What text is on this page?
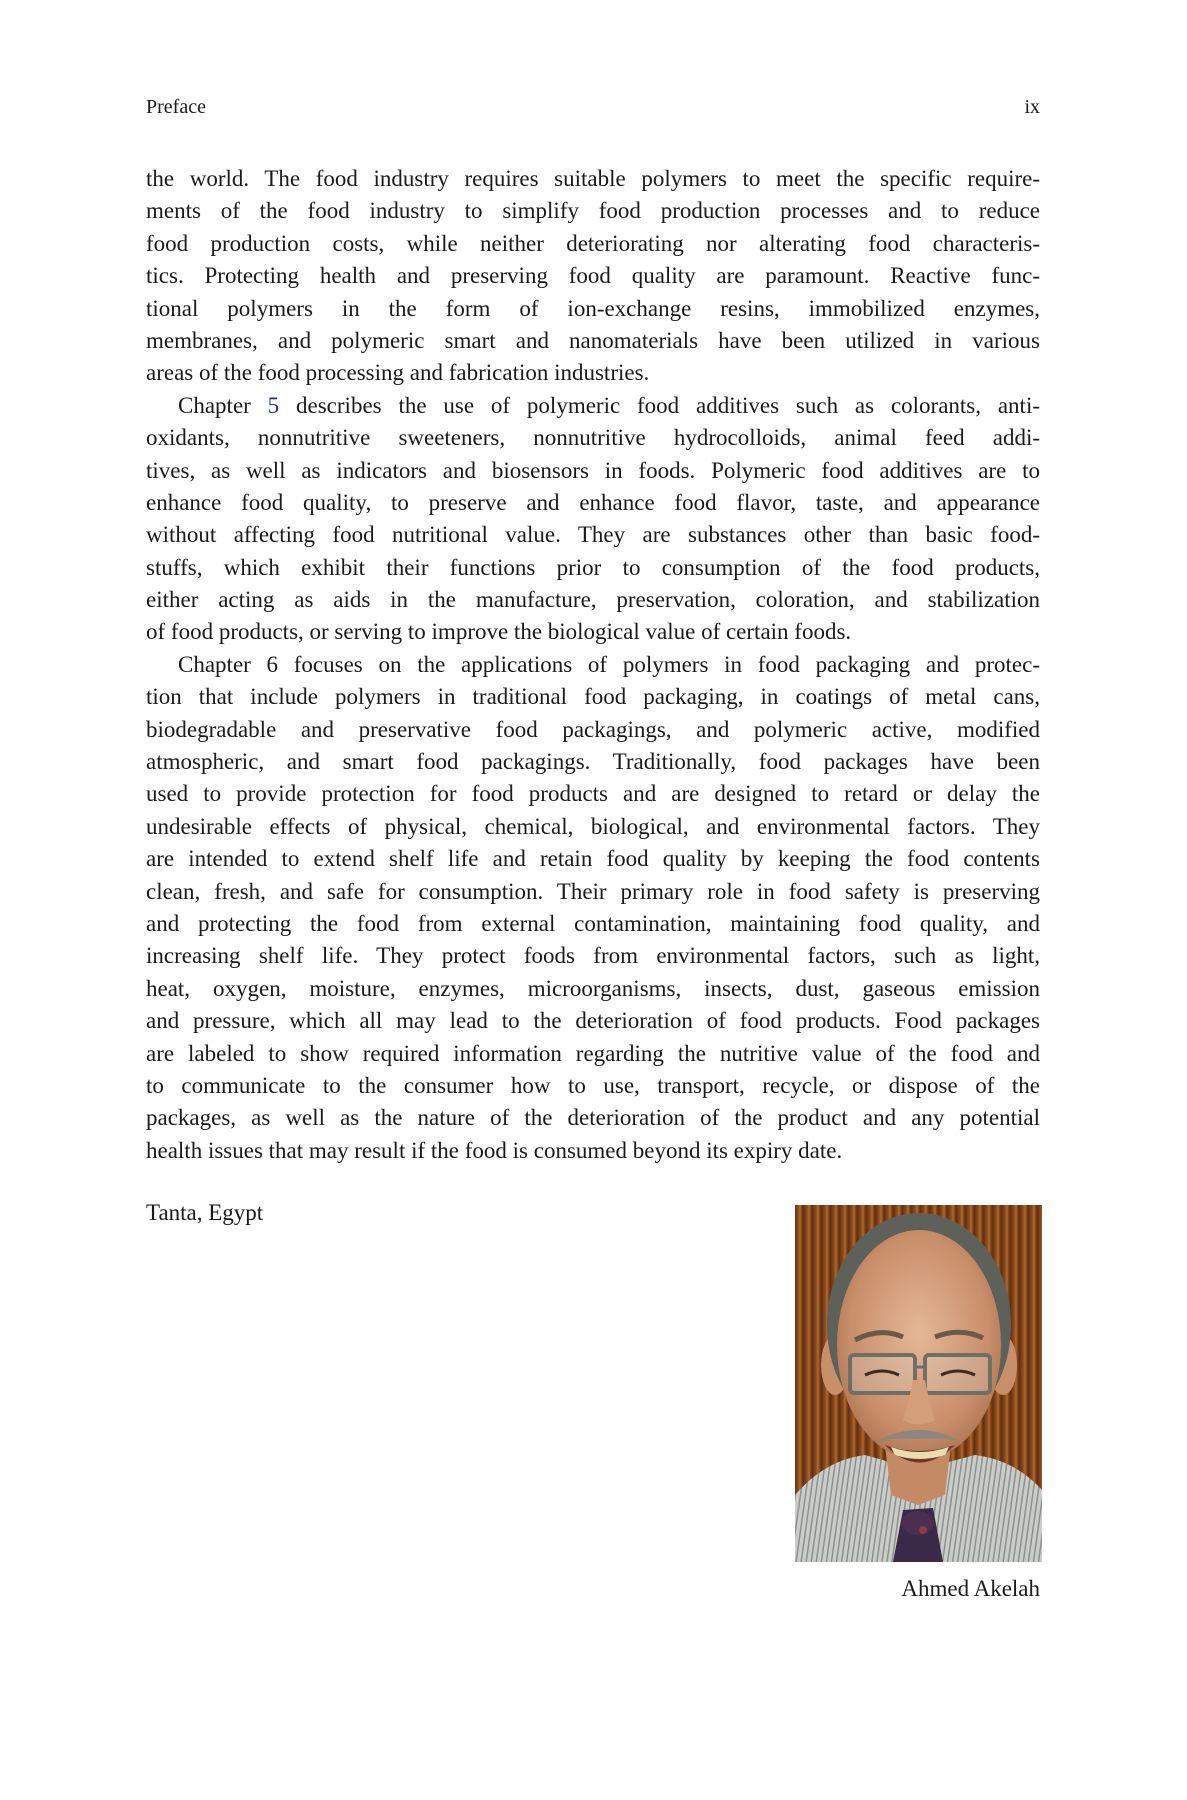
Preface	ix

the world. The food industry requires suitable polymers to meet the specific require-
ments of the food industry to simplify food production processes and to reduce
food production costs, while neither deteriorating nor alterating food characteris-
tics. Protecting health and preserving food quality are paramount. Reactive func-
tional polymers in the form of ion-exchange resins, immobilized enzymes,
membranes, and polymeric smart and nanomaterials have been utilized in various
areas of the food processing and fabrication industries.

Chapter 5 describes the use of polymeric food additives such as colorants, anti-
oxidants, nonnutritive sweeteners, nonnutritive hydrocolloids, animal feed addi-
tives, as well as indicators and biosensors in foods. Polymeric food additives are to
enhance food quality, to preserve and enhance food flavor, taste, and appearance
without affecting food nutritional value. They are substances other than basic food-
stuffs, which exhibit their functions prior to consumption of the food products,
either acting as aids in the manufacture, preservation, coloration, and stabilization
of food products, or serving to improve the biological value of certain foods.

Chapter 6 focuses on the applications of polymers in food packaging and protec-
tion that include polymers in traditional food packaging, in coatings of metal cans,
biodegradable and preservative food packagings, and polymeric active, modified
atmospheric, and smart food packagings. Traditionally, food packages have been
used to provide protection for food products and are designed to retard or delay the
undesirable effects of physical, chemical, biological, and environmental factors. They
are intended to extend shelf life and retain food quality by keeping the food contents
clean, fresh, and safe for consumption. Their primary role in food safety is preserving
and protecting the food from external contamination, maintaining food quality, and
increasing shelf life. They protect foods from environmental factors, such as light,
heat, oxygen, moisture, enzymes, microorganisms, insects, dust, gaseous emission
and pressure, which all may lead to the deterioration of food products. Food packages
are labeled to show required information regarding the nutritive value of the food and
to communicate to the consumer how to use, transport, recycle, or dispose of the
packages, as well as the nature of the deterioration of the product and any potential
health issues that may result if the food is consumed beyond its expiry date.

Tanta, Egypt
Ahmed Akelah
